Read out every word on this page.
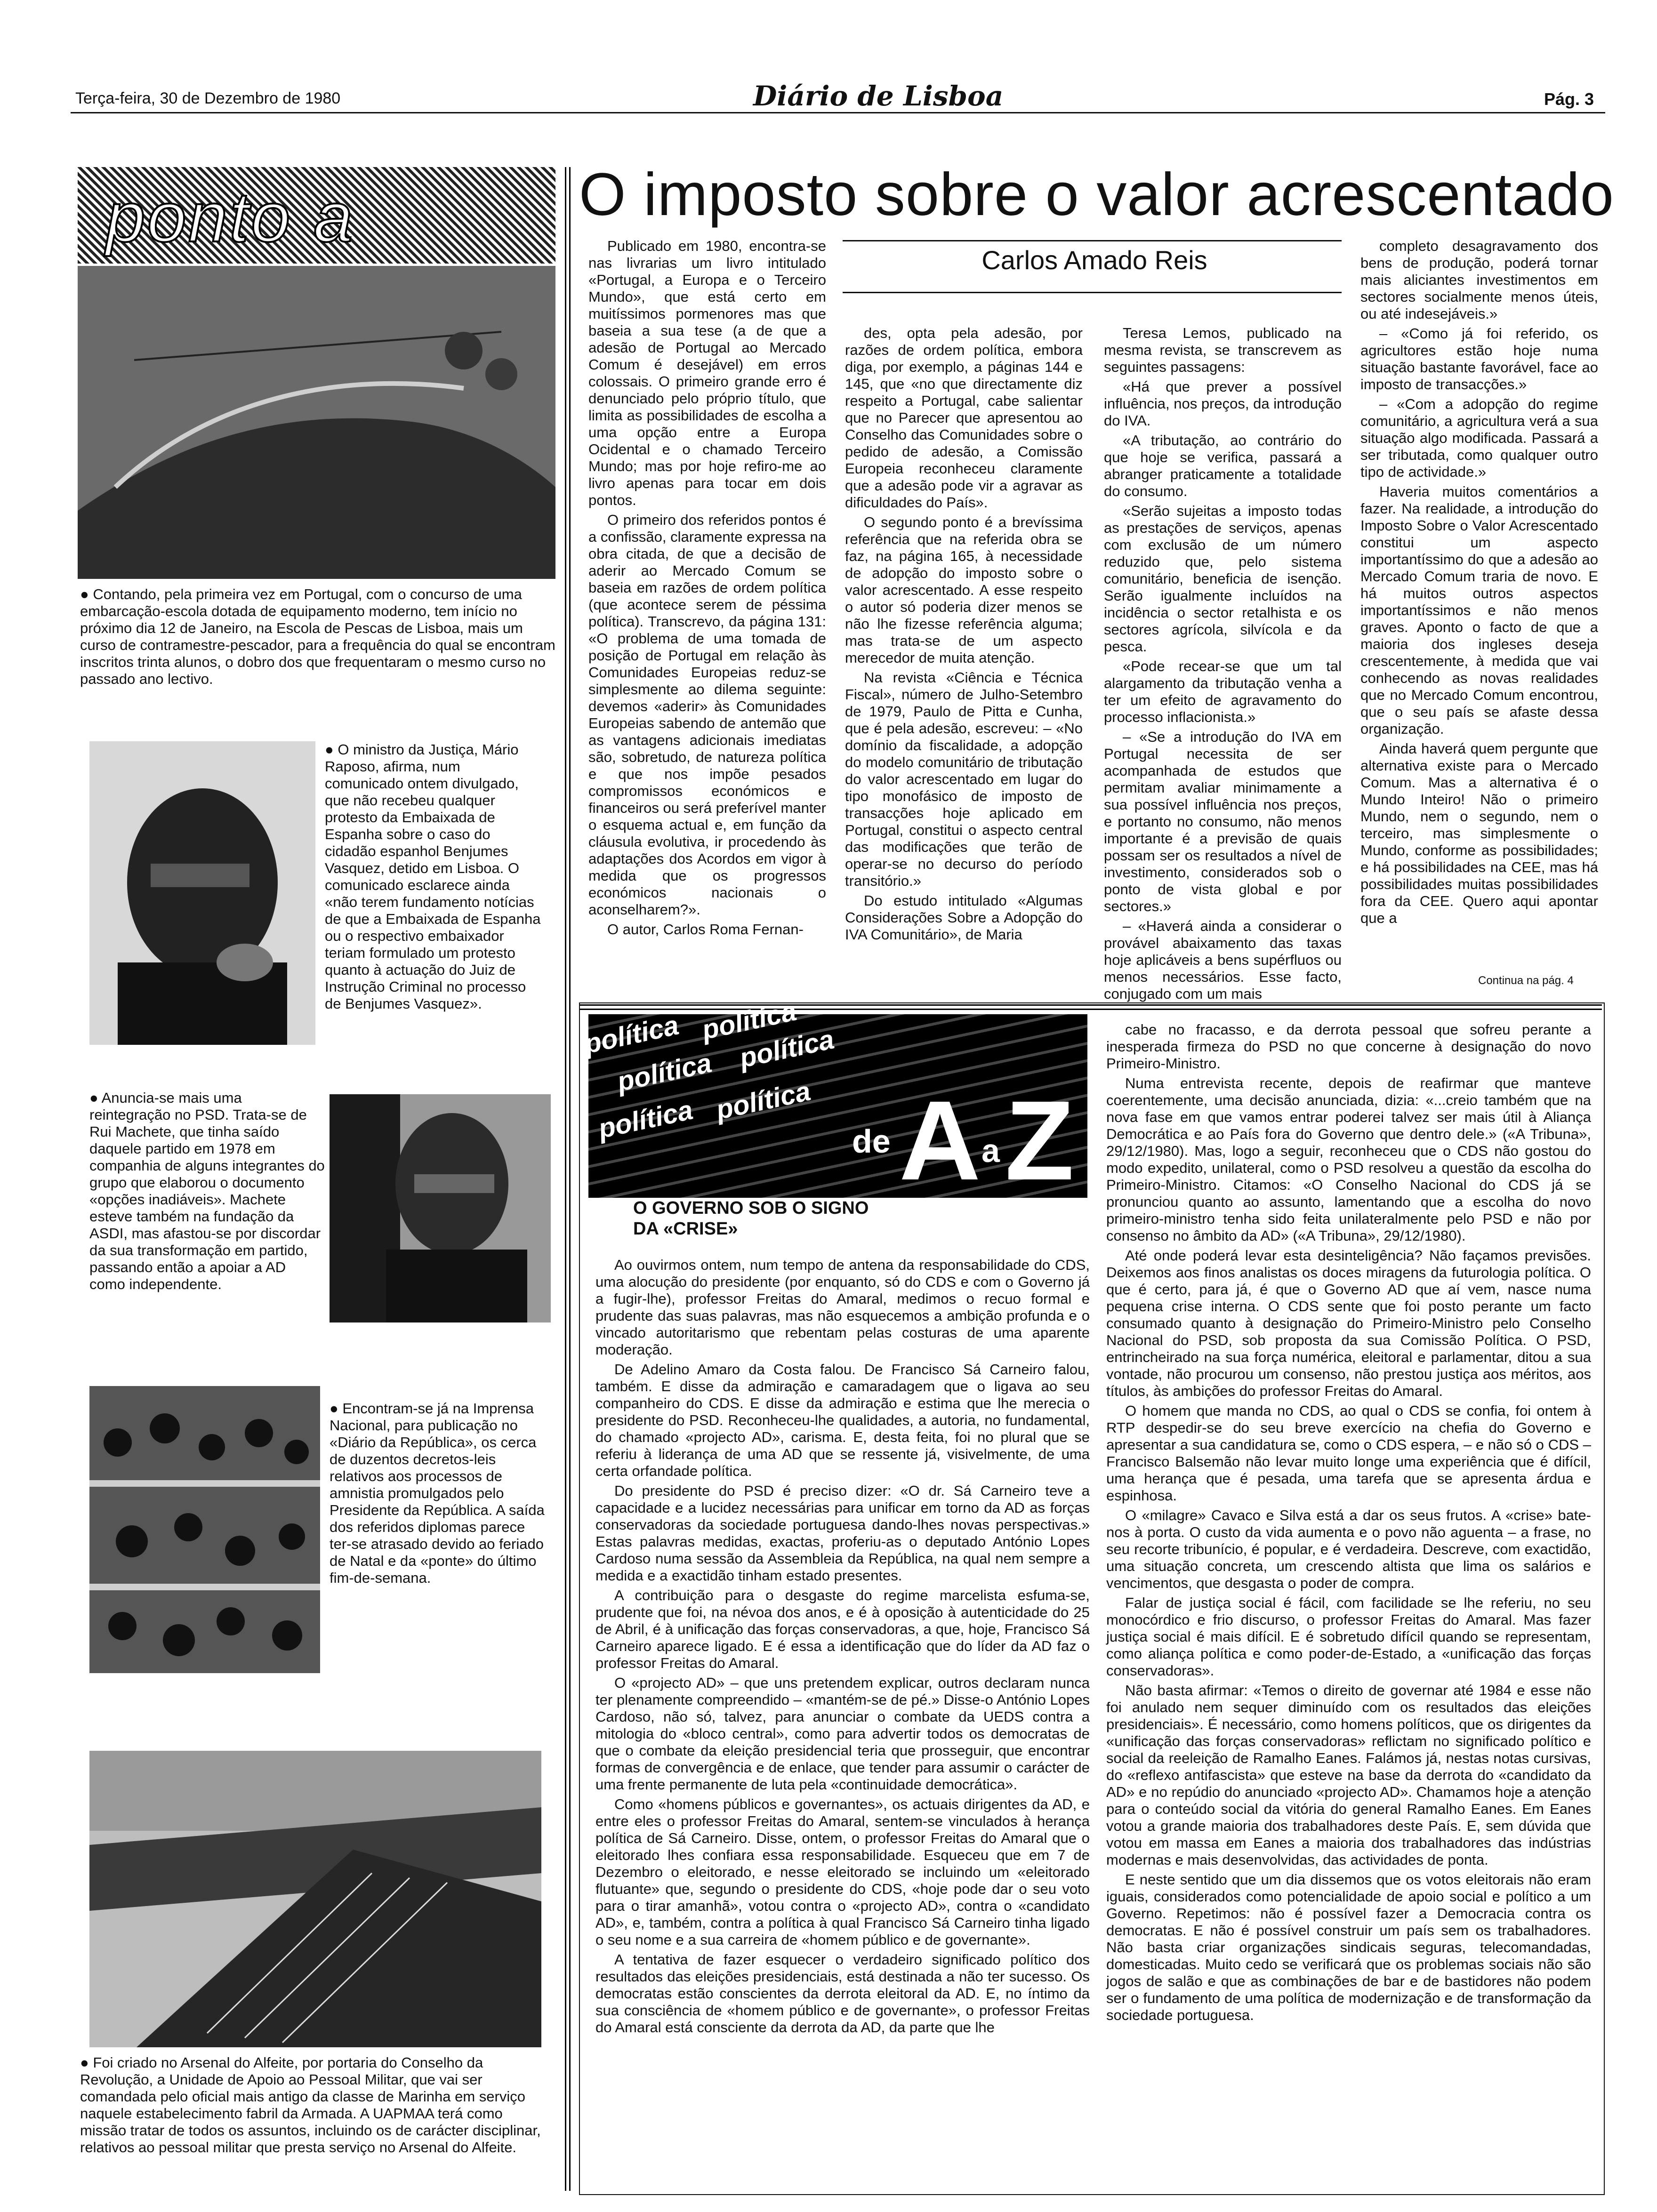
Terça-feira, 30 de Dezembro de 1980	Diário de Lisboa	Pág. 3
ponto a
● Contando, pela primeira vez em Portugal, com o concurso de uma embarcação-escola dotada de equipamento moderno, tem início no próximo dia 12 de Janeiro, na Escola de Pescas de Lisboa, mais um curso de contramestre-pescador, para a frequência do qual se encontram inscritos trinta alunos, o dobro dos que frequentaram o mesmo curso no passado ano lectivo.
● O ministro da Justiça, Mário Raposo, afirma, num comunicado ontem divulgado, que não recebeu qualquer protesto da Embaixada de Espanha sobre o caso do cidadão espanhol Benjumes Vasquez, detido em Lisboa. O comunicado esclarece ainda «não terem fundamento notícias de que a Embaixada de Espanha ou o respectivo embaixador teriam formulado um protesto quanto à actuação do Juiz de Instrução Criminal no processo de Benjumes Vasquez».
● Anuncia-se mais uma reintegração no PSD. Trata-se de Rui Machete, que tinha saído daquele partido em 1978 em companhia de alguns integrantes do grupo que elaborou o documento «opções inadiáveis». Machete esteve também na fundação da ASDI, mas afastou-se por discordar da sua transformação em partido, passando então a apoiar a AD como independente.
● Encontram-se já na Imprensa Nacional, para publicação no «Diário da República», os cerca de duzentos decretos-leis relativos aos processos de amnistia promulgados pelo Presidente da República. A saída dos referidos diplomas parece ter-se atrasado devido ao feriado de Natal e da «ponte» do último fim-de-semana.
● Foi criado no Arsenal do Alfeite, por portaria do Conselho da Revolução, a Unidade de Apoio ao Pessoal Militar, que vai ser comandada pelo oficial mais antigo da classe de Marinha em serviço naquele estabelecimento fabril da Armada. A UAPMAA terá como missão tratar de todos os assuntos, incluindo os de carácter disciplinar, relativos ao pessoal militar que presta serviço no Arsenal do Alfeite.
O imposto sobre o valor acrescentado
Carlos Amado Reis

Publicado em 1980, encontra-se nas livrarias um livro intitulado «Portugal, a Europa e o Terceiro Mundo», que está certo em muitíssimos pormenores mas que baseia a sua tese (a de que a adesão de Portugal ao Mercado Comum é desejável) em erros colossais. O primeiro grande erro é denunciado pelo próprio título, que limita as possibilidades de escolha a uma opção entre a Europa Ocidental e o chamado Terceiro Mundo; mas por hoje refiro-me ao livro apenas para tocar em dois pontos.

O primeiro dos referidos pontos é a confissão, claramente expressa na obra citada, de que a decisão de aderir ao Mercado Comum se baseia em razões de ordem política (que acontece serem de péssima política). Transcrevo, da página 131: «O problema de uma tomada de posição de Portugal em relação às Comunidades Europeias reduz-se simplesmente ao dilema seguinte: devemos «aderir» às Comunidades Europeias sabendo de antemão que as vantagens adicionais imediatas são, sobretudo, de natureza política e que nos impõe pesados compromissos económicos e financeiros ou será preferível manter o esquema actual e, em função da cláusula evolutiva, ir procedendo às adaptações dos Acordos em vigor à medida que os progressos económicos nacionais o aconselharem?».

O autor, Carlos Roma Fernan-

des, opta pela adesão, por razões de ordem política, embora diga, por exemplo, a páginas 144 e 145, que «no que directamente diz respeito a Portugal, cabe salientar que no Parecer que apresentou ao Conselho das Comunidades sobre o pedido de adesão, a Comissão Europeia reconheceu claramente que a adesão pode vir a agravar as dificuldades do País».

O segundo ponto é a brevíssima referência que na referida obra se faz, na página 165, à necessidade de adopção do imposto sobre o valor acrescentado. A esse respeito o autor só poderia dizer menos se não lhe fizesse referência alguma; mas trata-se de um aspecto merecedor de muita atenção.

Na revista «Ciência e Técnica Fiscal», número de Julho-Setembro de 1979, Paulo de Pitta e Cunha, que é pela adesão, escreveu: – «No domínio da fiscalidade, a adopção do modelo comunitário de tributação do valor acrescentado em lugar do tipo monofásico de imposto de transacções hoje aplicado em Portugal, constitui o aspecto central das modificações que terão de operar-se no decurso do período transitório.»

Do estudo intitulado «Algumas Considerações Sobre a Adopção do IVA Comunitário», de Maria

Teresa Lemos, publicado na mesma revista, se transcrevem as seguintes passagens:

«Há que prever a possível influência, nos preços, da introdução do IVA.

«A tributação, ao contrário do que hoje se verifica, passará a abranger praticamente a totalidade do consumo.

«Serão sujeitas a imposto todas as prestações de serviços, apenas com exclusão de um número reduzido que, pelo sistema comunitário, beneficia de isenção. Serão igualmente incluídos na incidência o sector retalhista e os sectores agrícola, silvícola e da pesca.

«Pode recear-se que um tal alargamento da tributação venha a ter um efeito de agravamento do processo inflacionista.»

– «Se a introdução do IVA em Portugal necessita de ser acompanhada de estudos que permitam avaliar minimamente a sua possível influência nos preços, e portanto no consumo, não menos importante é a previsão de quais possam ser os resultados a nível de investimento, considerados sob o ponto de vista global e por sectores.»

– «Haverá ainda a considerar o provável abaixamento das taxas hoje aplicáveis a bens supérfluos ou menos necessários. Esse facto, conjugado com um mais

completo desagravamento dos bens de produção, poderá tornar mais aliciantes investimentos em sectores socialmente menos úteis, ou até indesejáveis.»

– «Como já foi referido, os agricultores estão hoje numa situação bastante favorável, face ao imposto de transacções.»

– «Com a adopção do regime comunitário, a agricultura verá a sua situação algo modificada. Passará a ser tributada, como qualquer outro tipo de actividade.»

Haveria muitos comentários a fazer. Na realidade, a introdução do Imposto Sobre o Valor Acrescentado constitui um aspecto importantíssimo do que a adesão ao Mercado Comum traria de novo. E há muitos outros aspectos importantíssimos e não menos graves. Aponto o facto de que a maioria dos ingleses deseja crescentemente, à medida que vai conhecendo as novas realidades que no Mercado Comum encontrou, que o seu país se afaste dessa organização.

Ainda haverá quem pergunte que alternativa existe para o Mercado Comum. Mas a alternativa é o Mundo Inteiro! Não o primeiro Mundo, nem o segundo, nem o terceiro, mas simplesmente o Mundo, conforme as possibilidades; e há possibilidades na CEE, mas há possibilidades muitas possibilidades fora da CEE. Quero aqui apontar que a

Continua na pág. 4
política política
política política
política política
de A a Z
O GOVERNO SOB O SIGNO DA «CRISE»

Ao ouvirmos ontem, num tempo de antena da responsabilidade do CDS, uma alocução do presidente (por enquanto, só do CDS e com o Governo já a fugir-lhe), professor Freitas do Amaral, medimos o recuo formal e prudente das suas palavras, mas não esquecemos a ambição profunda e o vincado autoritarismo que rebentam pelas costuras de uma aparente moderação.

De Adelino Amaro da Costa falou. De Francisco Sá Carneiro falou, também. E disse da admiração e camaradagem que o ligava ao seu companheiro do CDS. E disse da admiração e estima que lhe merecia o presidente do PSD. Reconheceu-lhe qualidades, a autoria, no fundamental, do chamado «projecto AD», carisma. E, desta feita, foi no plural que se referiu à liderança de uma AD que se ressente já, visivelmente, de uma certa orfandade política.

Do presidente do PSD é preciso dizer: «O dr. Sá Carneiro teve a capacidade e a lucidez necessárias para unificar em torno da AD as forças conservadoras da sociedade portuguesa dando-lhes novas perspectivas.» Estas palavras medidas, exactas, proferiu-as o deputado António Lopes Cardoso numa sessão da Assembleia da República, na qual nem sempre a medida e a exactidão tinham estado presentes.

A contribuição para o desgaste do regime marcelista esfuma-se, prudente que foi, na névoa dos anos, e é à oposição à autenticidade do 25 de Abril, é à unificação das forças conservadoras, a que, hoje, Francisco Sá Carneiro aparece ligado. E é essa a identificação que do líder da AD faz o professor Freitas do Amaral.

O «projecto AD» – que uns pretendem explicar, outros declaram nunca ter plenamente compreendido – «mantém-se de pé.» Disse-o António Lopes Cardoso, não só, talvez, para anunciar o combate da UEDS contra a mitologia do «bloco central», como para advertir todos os democratas de que o combate da eleição presidencial teria que prosseguir, que encontrar formas de convergência e de enlace, que tender para assumir o carácter de uma frente permanente de luta pela «continuidade democrática».

Como «homens públicos e governantes», os actuais dirigentes da AD, e entre eles o professor Freitas do Amaral, sentem-se vinculados à herança política de Sá Carneiro. Disse, ontem, o professor Freitas do Amaral que o eleitorado lhes confiara essa responsabilidade. Esqueceu que em 7 de Dezembro o eleitorado, e nesse eleitorado se incluindo um «eleitorado flutuante» que, segundo o presidente do CDS, «hoje pode dar o seu voto para o tirar amanhã», votou contra o «projecto AD», contra o «candidato AD», e, também, contra a política à qual Francisco Sá Carneiro tinha ligado o seu nome e a sua carreira de «homem público e de governante».

A tentativa de fazer esquecer o verdadeiro significado político dos resultados das eleições presidenciais, está destinada a não ter sucesso. Os democratas estão conscientes da derrota eleitoral da AD. E, no íntimo da sua consciência de «homem público e de governante», o professor Freitas do Amaral está consciente da derrota da AD, da parte que lhe

cabe no fracasso, e da derrota pessoal que sofreu perante a inesperada firmeza do PSD no que concerne à designação do novo Primeiro-Ministro.

Numa entrevista recente, depois de reafirmar que manteve coerentemente, uma decisão anunciada, dizia: «...creio também que na nova fase em que vamos entrar poderei talvez ser mais útil à Aliança Democrática e ao País fora do Governo que dentro dele.» («A Tribuna», 29/12/1980). Mas, logo a seguir, reconheceu que o CDS não gostou do modo expedito, unilateral, como o PSD resolveu a questão da escolha do Primeiro-Ministro. Citamos: «O Conselho Nacional do CDS já se pronunciou quanto ao assunto, lamentando que a escolha do novo primeiro-ministro tenha sido feita unilateralmente pelo PSD e não por consenso no âmbito da AD» («A Tribuna», 29/12/1980).

Até onde poderá levar esta desinteligência? Não façamos previsões. Deixemos aos finos analistas os doces miragens da futurologia política. O que é certo, para já, é que o Governo AD que aí vem, nasce numa pequena crise interna. O CDS sente que foi posto perante um facto consumado quanto à designação do Primeiro-Ministro pelo Conselho Nacional do PSD, sob proposta da sua Comissão Política. O PSD, entrincheirado na sua força numérica, eleitoral e parlamentar, ditou a sua vontade, não procurou um consenso, não prestou justiça aos méritos, aos títulos, às ambições do professor Freitas do Amaral.

O homem que manda no CDS, ao qual o CDS se confia, foi ontem à RTP despedir-se do seu breve exercício na chefia do Governo e apresentar a sua candidatura se, como o CDS espera, – e não só o CDS – Francisco Balsemão não levar muito longe uma experiência que é difícil, uma herança que é pesada, uma tarefa que se apresenta árdua e espinhosa.

O «milagre» Cavaco e Silva está a dar os seus frutos. A «crise» bate-nos à porta. O custo da vida aumenta e o povo não aguenta – a frase, no seu recorte tribunício, é popular, e é verdadeira. Descreve, com exactidão, uma situação concreta, um crescendo altista que lima os salários e vencimentos, que desgasta o poder de compra.

Falar de justiça social é fácil, com facilidade se lhe referiu, no seu monocórdico e frio discurso, o professor Freitas do Amaral. Mas fazer justiça social é mais difícil. E é sobretudo difícil quando se representam, como aliança política e como poder-de-Estado, a «unificação das forças conservadoras».

Não basta afirmar: «Temos o direito de governar até 1984 e esse não foi anulado nem sequer diminuído com os resultados das eleições presidenciais». É necessário, como homens políticos, que os dirigentes da «unificação das forças conservadoras» reflictam no significado político e social da reeleição de Ramalho Eanes. Falámos já, nestas notas cursivas, do «reflexo antifascista» que esteve na base da derrota do «candidato da AD» e no repúdio do anunciado «projecto AD». Chamamos hoje a atenção para o conteúdo social da vitória do general Ramalho Eanes. Em Eanes votou a grande maioria dos trabalhadores deste País. E, sem dúvida que votou em massa em Eanes a maioria dos trabalhadores das indústrias modernas e mais desenvolvidas, das actividades de ponta.

E neste sentido que um dia dissemos que os votos eleitorais não eram iguais, considerados como potencialidade de apoio social e político a um Governo. Repetimos: não é possível fazer a Democracia contra os democratas. E não é possível construir um país sem os trabalhadores. Não basta criar organizações sindicais seguras, telecomandadas, domesticadas. Muito cedo se verificará que os problemas sociais não são jogos de salão e que as combinações de bar e de bastidores não podem ser o fundamento de uma política de modernização e de transformação da sociedade portuguesa.
